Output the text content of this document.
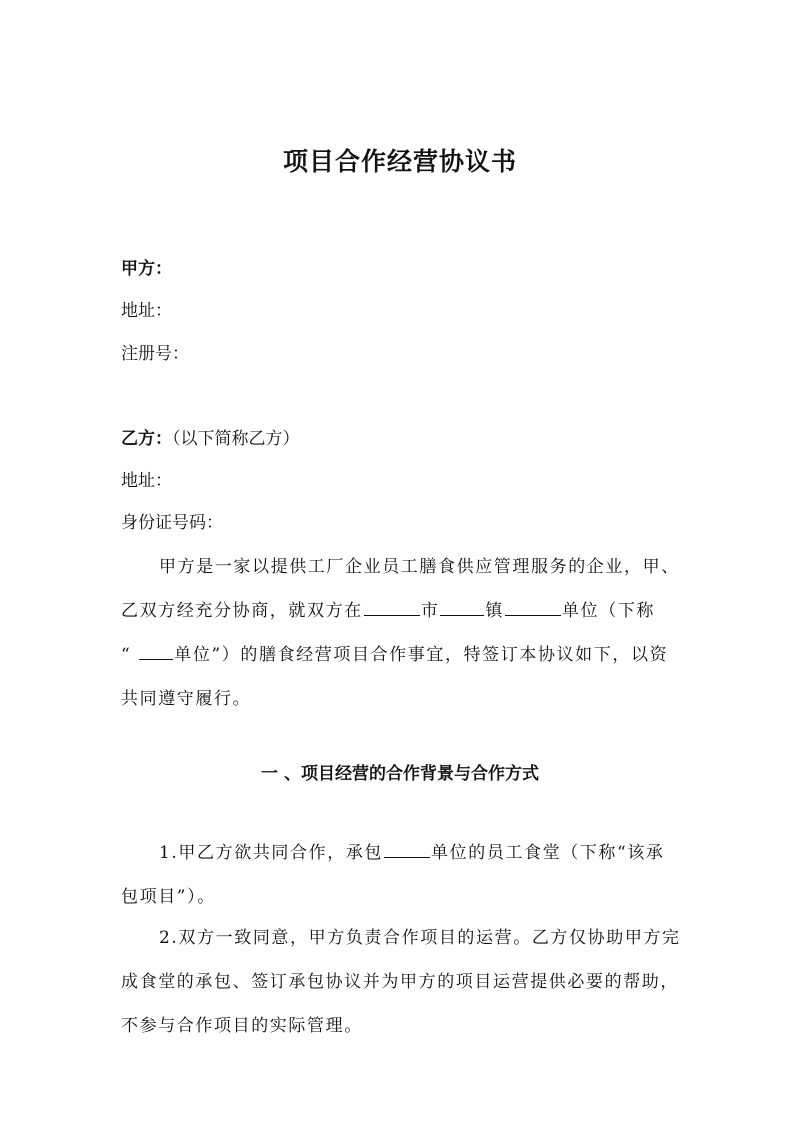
项目合作经营协议书
甲方：
地址：
注册号：
乙方：（以下简称乙方）
地址：
身份证号码：
甲方是一家以提供工厂企业员工膳食供应管理服务的企业，甲、
乙双方经充分协商，就双方在	市	镇	单位（下称
“	单位”）的膳食经营项目合作事宜，特签订本协议如下，以资
共同遵守履行。
一 、项目经营的合作背景与合作方式
1.甲乙方欲共同合作，承包	单位的员工食堂（下称“该承
包项目”）。
2.双方一致同意，甲方负责合作项目的运营。乙方仅协助甲方完
成食堂的承包、签订承包协议并为甲方的项目运营提供必要的帮助，
不参与合作项目的实际管理。
